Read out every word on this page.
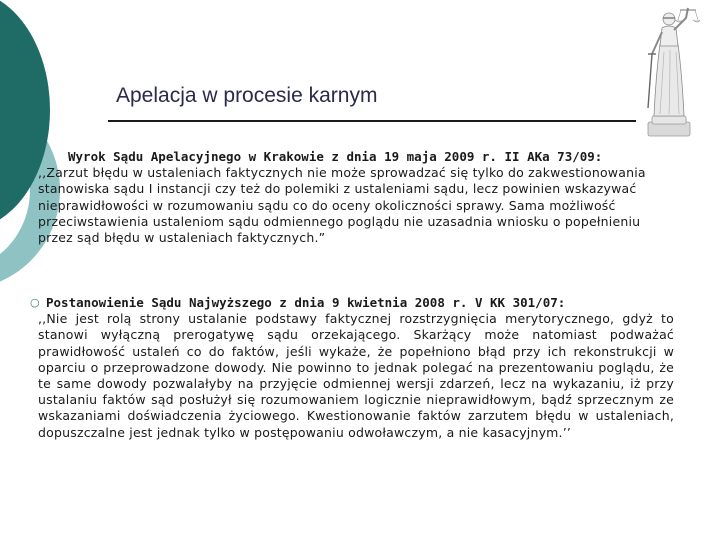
Apelacja w procesie karnym
Wyrok Sądu Apelacyjnego w Krakowie z dnia 19 maja 2009 r. II AKa 73/09:

,,Zarzut błędu w ustaleniach faktycznych nie może sprowadzać się tylko do zakwestionowania stanowiska sądu I instancji czy też do polemiki z ustaleniami sądu, lecz powinien wskazywać nieprawidłowości w rozumowaniu sądu co do oceny okoliczności sprawy. Sama możliwość przeciwstawienia ustaleniom sądu odmiennego poglądu nie uzasadnia wniosku o popełnieniu przez sąd błędu w ustaleniach faktycznych.”

○ Postanowienie Sądu Najwyższego z dnia 9 kwietnia 2008 r. V KK 301/07:

,,Nie jest rolą strony ustalanie podstawy faktycznej rozstrzygnięcia merytorycznego, gdyż to stanowi wyłączną prerogatywę sądu orzekającego. Skarżący może natomiast podważać prawidłowość ustaleń co do faktów, jeśli wykaże, że popełniono błąd przy ich rekonstrukcji w oparciu o przeprowadzone dowody. Nie powinno to jednak polegać na prezentowaniu poglądu, że te same dowody pozwalałyby na przyjęcie odmiennej wersji zdarzeń, lecz na wykazaniu, iż przy ustalaniu faktów sąd posłużył się rozumowaniem logicznie nieprawidłowym, bądź sprzecznym ze wskazaniami doświadczenia życiowego. Kwestionowanie faktów zarzutem błędu w ustaleniach, dopuszczalne jest jednak tylko w postępowaniu odwoławczym, a nie kasacyjnym.’’
